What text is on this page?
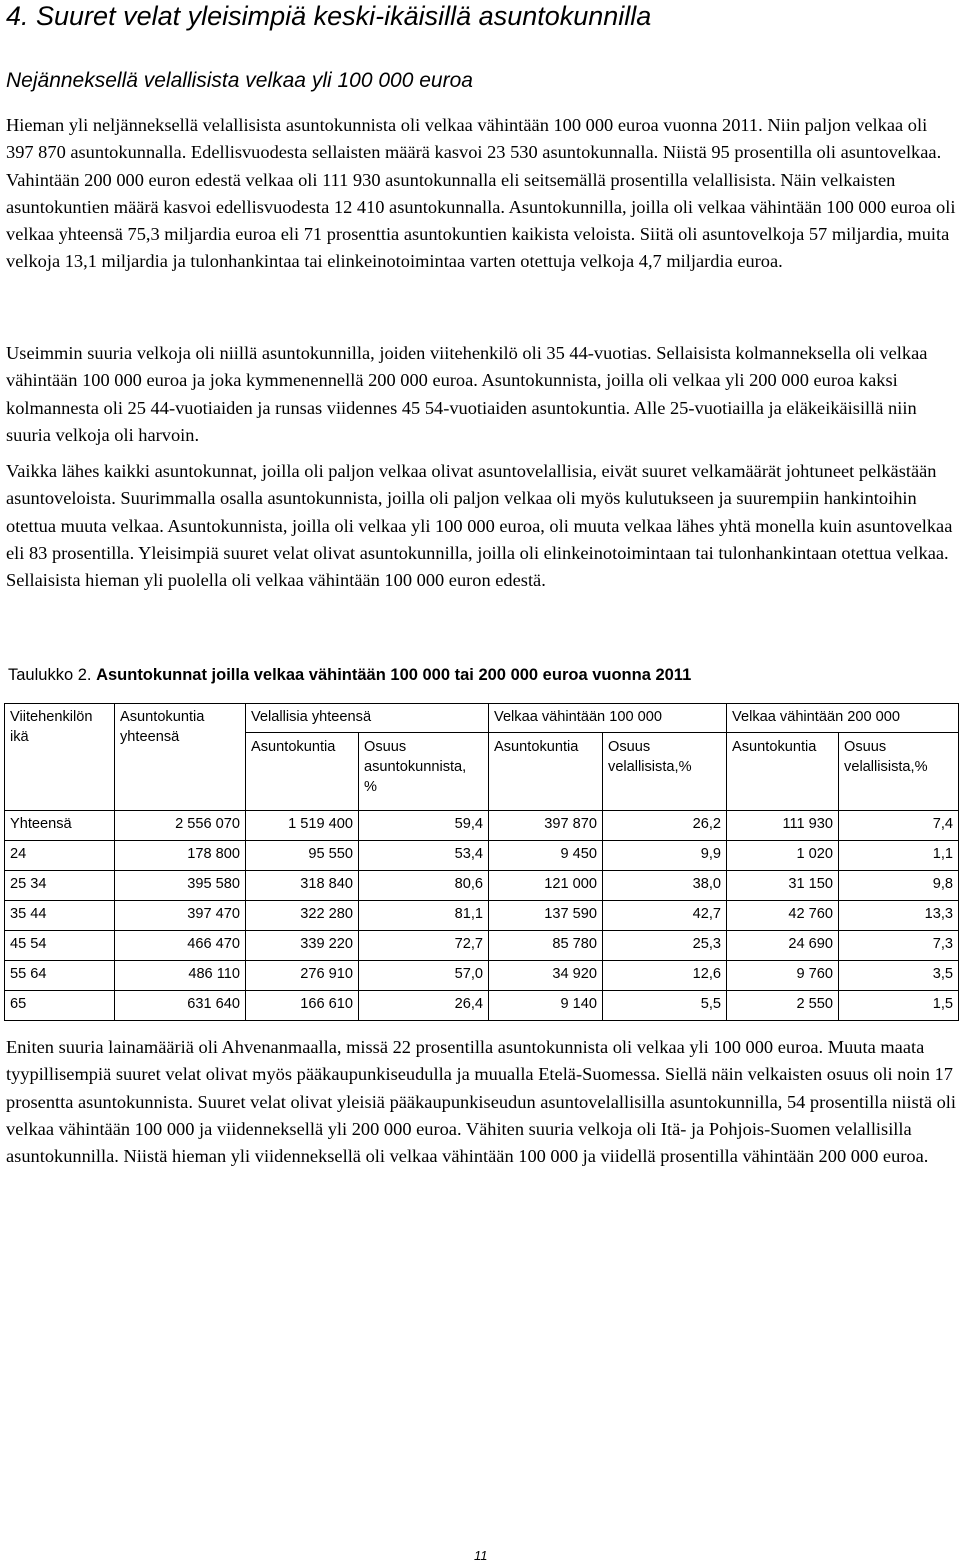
4. Suuret velat yleisimpiä keski-ikäisillä asuntokunnilla
Nejänneksellä velallisista velkaa yli 100 000 euroa

Hieman yli neljänneksellä velallisista asuntokunnista oli velkaa vähintään 100 000 euroa vuonna 2011. Niin paljon velkaa oli 397 870 asuntokunnalla. Edellisvuodesta sellaisten määrä kasvoi 23 530 asuntokunnalla. Niistä 95 prosentilla oli asuntovelkaa. Vahintään 200 000 euron edestä velkaa oli 111 930 asuntokunnalla eli seitsemällä prosentilla velallisista. Näin velkaisten asuntokuntien määrä kasvoi edellisvuodesta 12 410 asuntokunnalla. Asuntokunnilla, joilla oli velkaa vähintään 100 000 euroa oli velkaa yhteensä 75,3 miljardia euroa eli 71 prosenttia asuntokuntien kaikista veloista. Siitä oli asuntovelkoja 57 miljardia, muita velkoja 13,1 miljardia ja tulonhankintaa tai elinkeinotoimintaa varten otettuja velkoja 4,7 miljardia euroa.

Useimmin suuria velkoja oli niillä asuntokunnilla, joiden viitehenkilö oli 35 44-vuotias. Sellaisista kolmanneksella oli velkaa vähintään 100 000 euroa ja joka kymmenennellä 200 000 euroa. Asuntokunnista, joilla oli velkaa yli 200 000 euroa kaksi kolmannesta oli 25 44-vuotiaiden ja runsas viidennes 45 54-vuotiaiden asuntokuntia. Alle 25-vuotiailla ja eläkeikäisillä niin suuria velkoja oli harvoin.

Vaikka lähes kaikki asuntokunnat, joilla oli paljon velkaa olivat asuntovelallisia, eivät suuret velkamäärät johtuneet pelkästään asuntoveloista. Suurimmalla osalla asuntokunnista, joilla oli paljon velkaa oli myös kulutukseen ja suurempiin hankintoihin otettua muuta velkaa. Asuntokunnista, joilla oli velkaa yli 100 000 euroa, oli muuta velkaa lähes yhtä monella kuin asuntovelkaa eli 83 prosentilla. Yleisimpiä suuret velat olivat asuntokunnilla, joilla oli elinkeinotoimintaan tai tulonhankintaan otettua velkaa. Sellaisista hieman yli puolella oli velkaa vähintään 100 000 euron edestä.

Taulukko 2. Asuntokunnat joilla velkaa vähintään 100 000 tai 200 000 euroa vuonna 2011
Viitehenkilön ikä	Asuntokuntia yhteensä	Velallisia yhteensä		Velkaa vähintään 100 000		Velkaa vähintään 200 000	
		Asuntokuntia	Osuus asuntokunnista, %	Asuntokuntia	Osuus velallisista,%	Asuntokuntia	Osuus velallisista,%
Yhteensä	2 556 070	1 519 400	59,4	397 870	26,2	111 930	7,4
24	178 800	95 550	53,4	9 450	9,9	1 020	1,1
25 34	395 580	318 840	80,6	121 000	38,0	31 150	9,8
35 44	397 470	322 280	81,1	137 590	42,7	42 760	13,3
45 54	466 470	339 220	72,7	85 780	25,3	24 690	7,3
55 64	486 110	276 910	57,0	34 920	12,6	9 760	3,5
65	631 640	166 610	26,4	9 140	5,5	2 550	1,5

Eniten suuria lainamääriä oli Ahvenanmaalla, missä 22 prosentilla asuntokunnista oli velkaa yli 100 000 euroa. Muuta maata tyypillisempiä suuret velat olivat myös pääkaupunkiseudulla ja muualla Etelä-Suomessa. Siellä näin velkaisten osuus oli noin 17 prosentta asuntokunnista. Suuret velat olivat yleisiä pääkaupunkiseudun asuntovelallisilla asuntokunnilla, 54 prosentilla niistä oli velkaa vähintään 100 000 ja viidenneksellä yli 200 000 euroa. Vähiten suuria velkoja oli Itä- ja Pohjois-Suomen velallisilla asuntokunnilla. Niistä hieman yli viidenneksellä oli velkaa vähintään 100 000 ja viidellä prosentilla vähintään 200 000 euroa.

11
